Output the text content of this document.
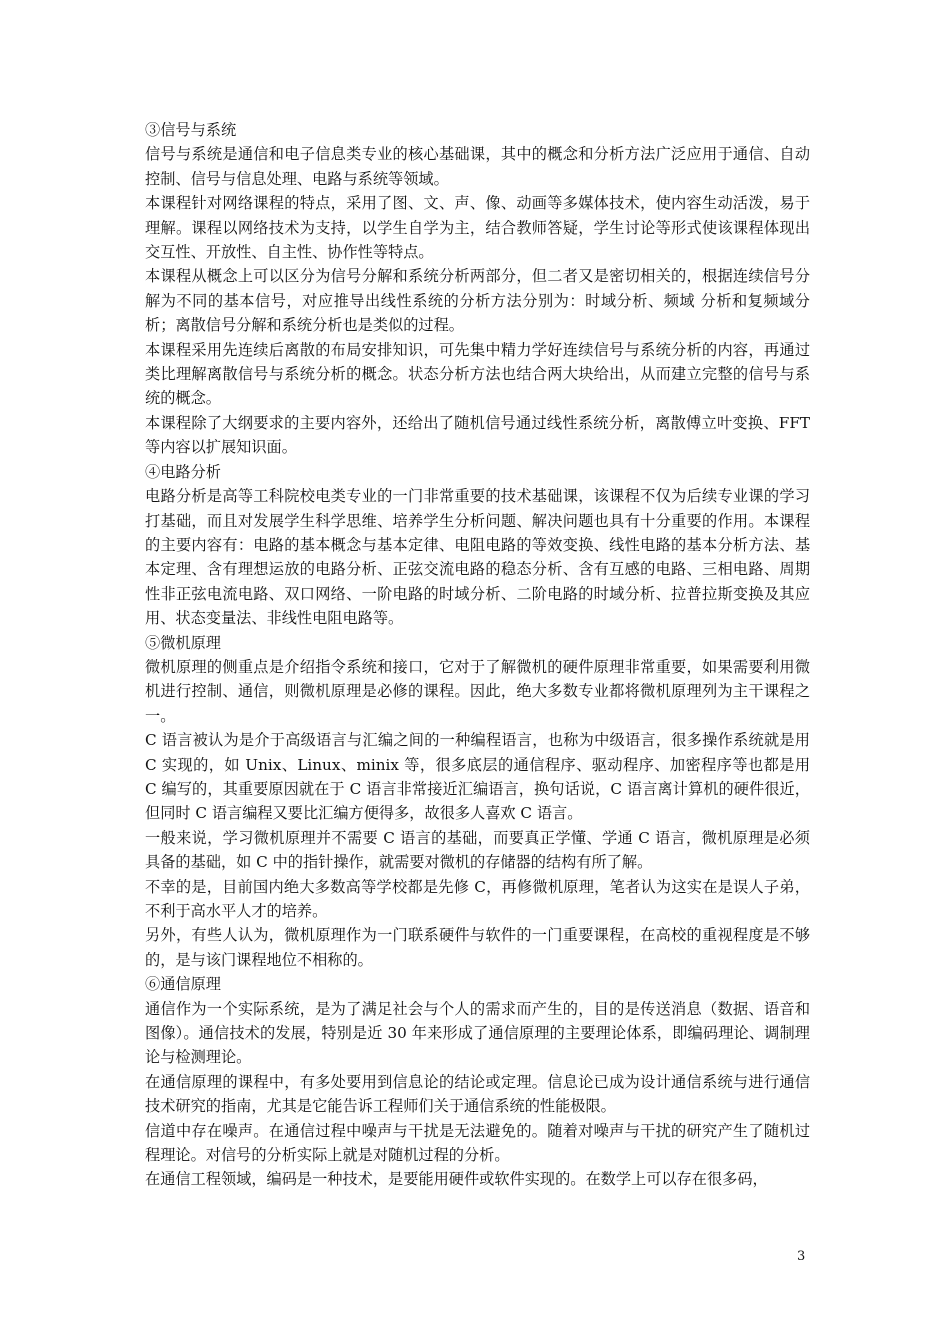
③信号与系统

信号与系统是通信和电子信息类专业的核心基础课，其中的概念和分析方法广泛应用于通信、自动控制、信号与信息处理、电路与系统等领域。

本课程针对网络课程的特点，采用了图、文、声、像、动画等多媒体技术，使内容生动活泼，易于理解。课程以网络技术为支持，以学生自学为主，结合教师答疑，学生讨论等形式使该课程体现出交互性、开放性、自主性、协作性等特点。

本课程从概念上可以区分为信号分解和系统分析两部分，但二者又是密切相关的，根据连续信号分解为不同的基本信号，对应推导出线性系统的分析方法分别为：时域分析、频域 分析和复频域分析；离散信号分解和系统分析也是类似的过程。

本课程采用先连续后离散的布局安排知识，可先集中精力学好连续信号与系统分析的内容，再通过类比理解离散信号与系统分析的概念。状态分析方法也结合两大块给出，从而建立完整的信号与系统的概念。

本课程除了大纲要求的主要内容外，还给出了随机信号通过线性系统分析，离散傅立叶变换、FFT 等内容以扩展知识面。

④电路分析

电路分析是高等工科院校电类专业的一门非常重要的技术基础课，该课程不仅为后续专业课的学习打基础，而且对发展学生科学思维、培养学生分析问题、解决问题也具有十分重要的作用。本课程的主要内容有：电路的基本概念与基本定律、电阻电路的等效变换、线性电路的基本分析方法、基本定理、含有理想运放的电路分析、正弦交流电路的稳态分析、含有互感的电路、三相电路、周期性非正弦电流电路、双口网络、一阶电路的时域分析、二阶电路的时域分析、拉普拉斯变换及其应用、状态变量法、非线性电阻电路等。

⑤微机原理

微机原理的侧重点是介绍指令系统和接口，它对于了解微机的硬件原理非常重要，如果需要利用微机进行控制、通信，则微机原理是必修的课程。因此，绝大多数专业都将微机原理列为主干课程之一。

C 语言被认为是介于高级语言与汇编之间的一种编程语言，也称为中级语言，很多操作系统就是用 C 实现的，如 Unix、Linux、minix 等，很多底层的通信程序、驱动程序、加密程序等也都是用 C 编写的，其重要原因就在于 C 语言非常接近汇编语言，换句话说，C 语言离计算机的硬件很近，但同时 C 语言编程又要比汇编方便得多，故很多人喜欢 C 语言。

一般来说，学习微机原理并不需要 C 语言的基础，而要真正学懂、学通 C 语言，微机原理是必须具备的基础，如 C 中的指针操作，就需要对微机的存储器的结构有所了解。

不幸的是，目前国内绝大多数高等学校都是先修 C，再修微机原理，笔者认为这实在是误人子弟，不利于高水平人才的培养。

另外，有些人认为，微机原理作为一门联系硬件与软件的一门重要课程，在高校的重视程度是不够的，是与该门课程地位不相称的。

⑥通信原理

通信作为一个实际系统，是为了满足社会与个人的需求而产生的，目的是传送消息（数据、语音和图像）。通信技术的发展，特别是近 30 年来形成了通信原理的主要理论体系，即编码理论、调制理论与检测理论。

在通信原理的课程中，有多处要用到信息论的结论或定理。信息论已成为设计通信系统与进行通信技术研究的指南，尤其是它能告诉工程师们关于通信系统的性能极限。

信道中存在噪声。在通信过程中噪声与干扰是无法避免的。随着对噪声与干扰的研究产生了随机过程理论。对信号的分析实际上就是对随机过程的分析。

在通信工程领域，编码是一种技术，是要能用硬件或软件实现的。在数学上可以存在很多码，

3
